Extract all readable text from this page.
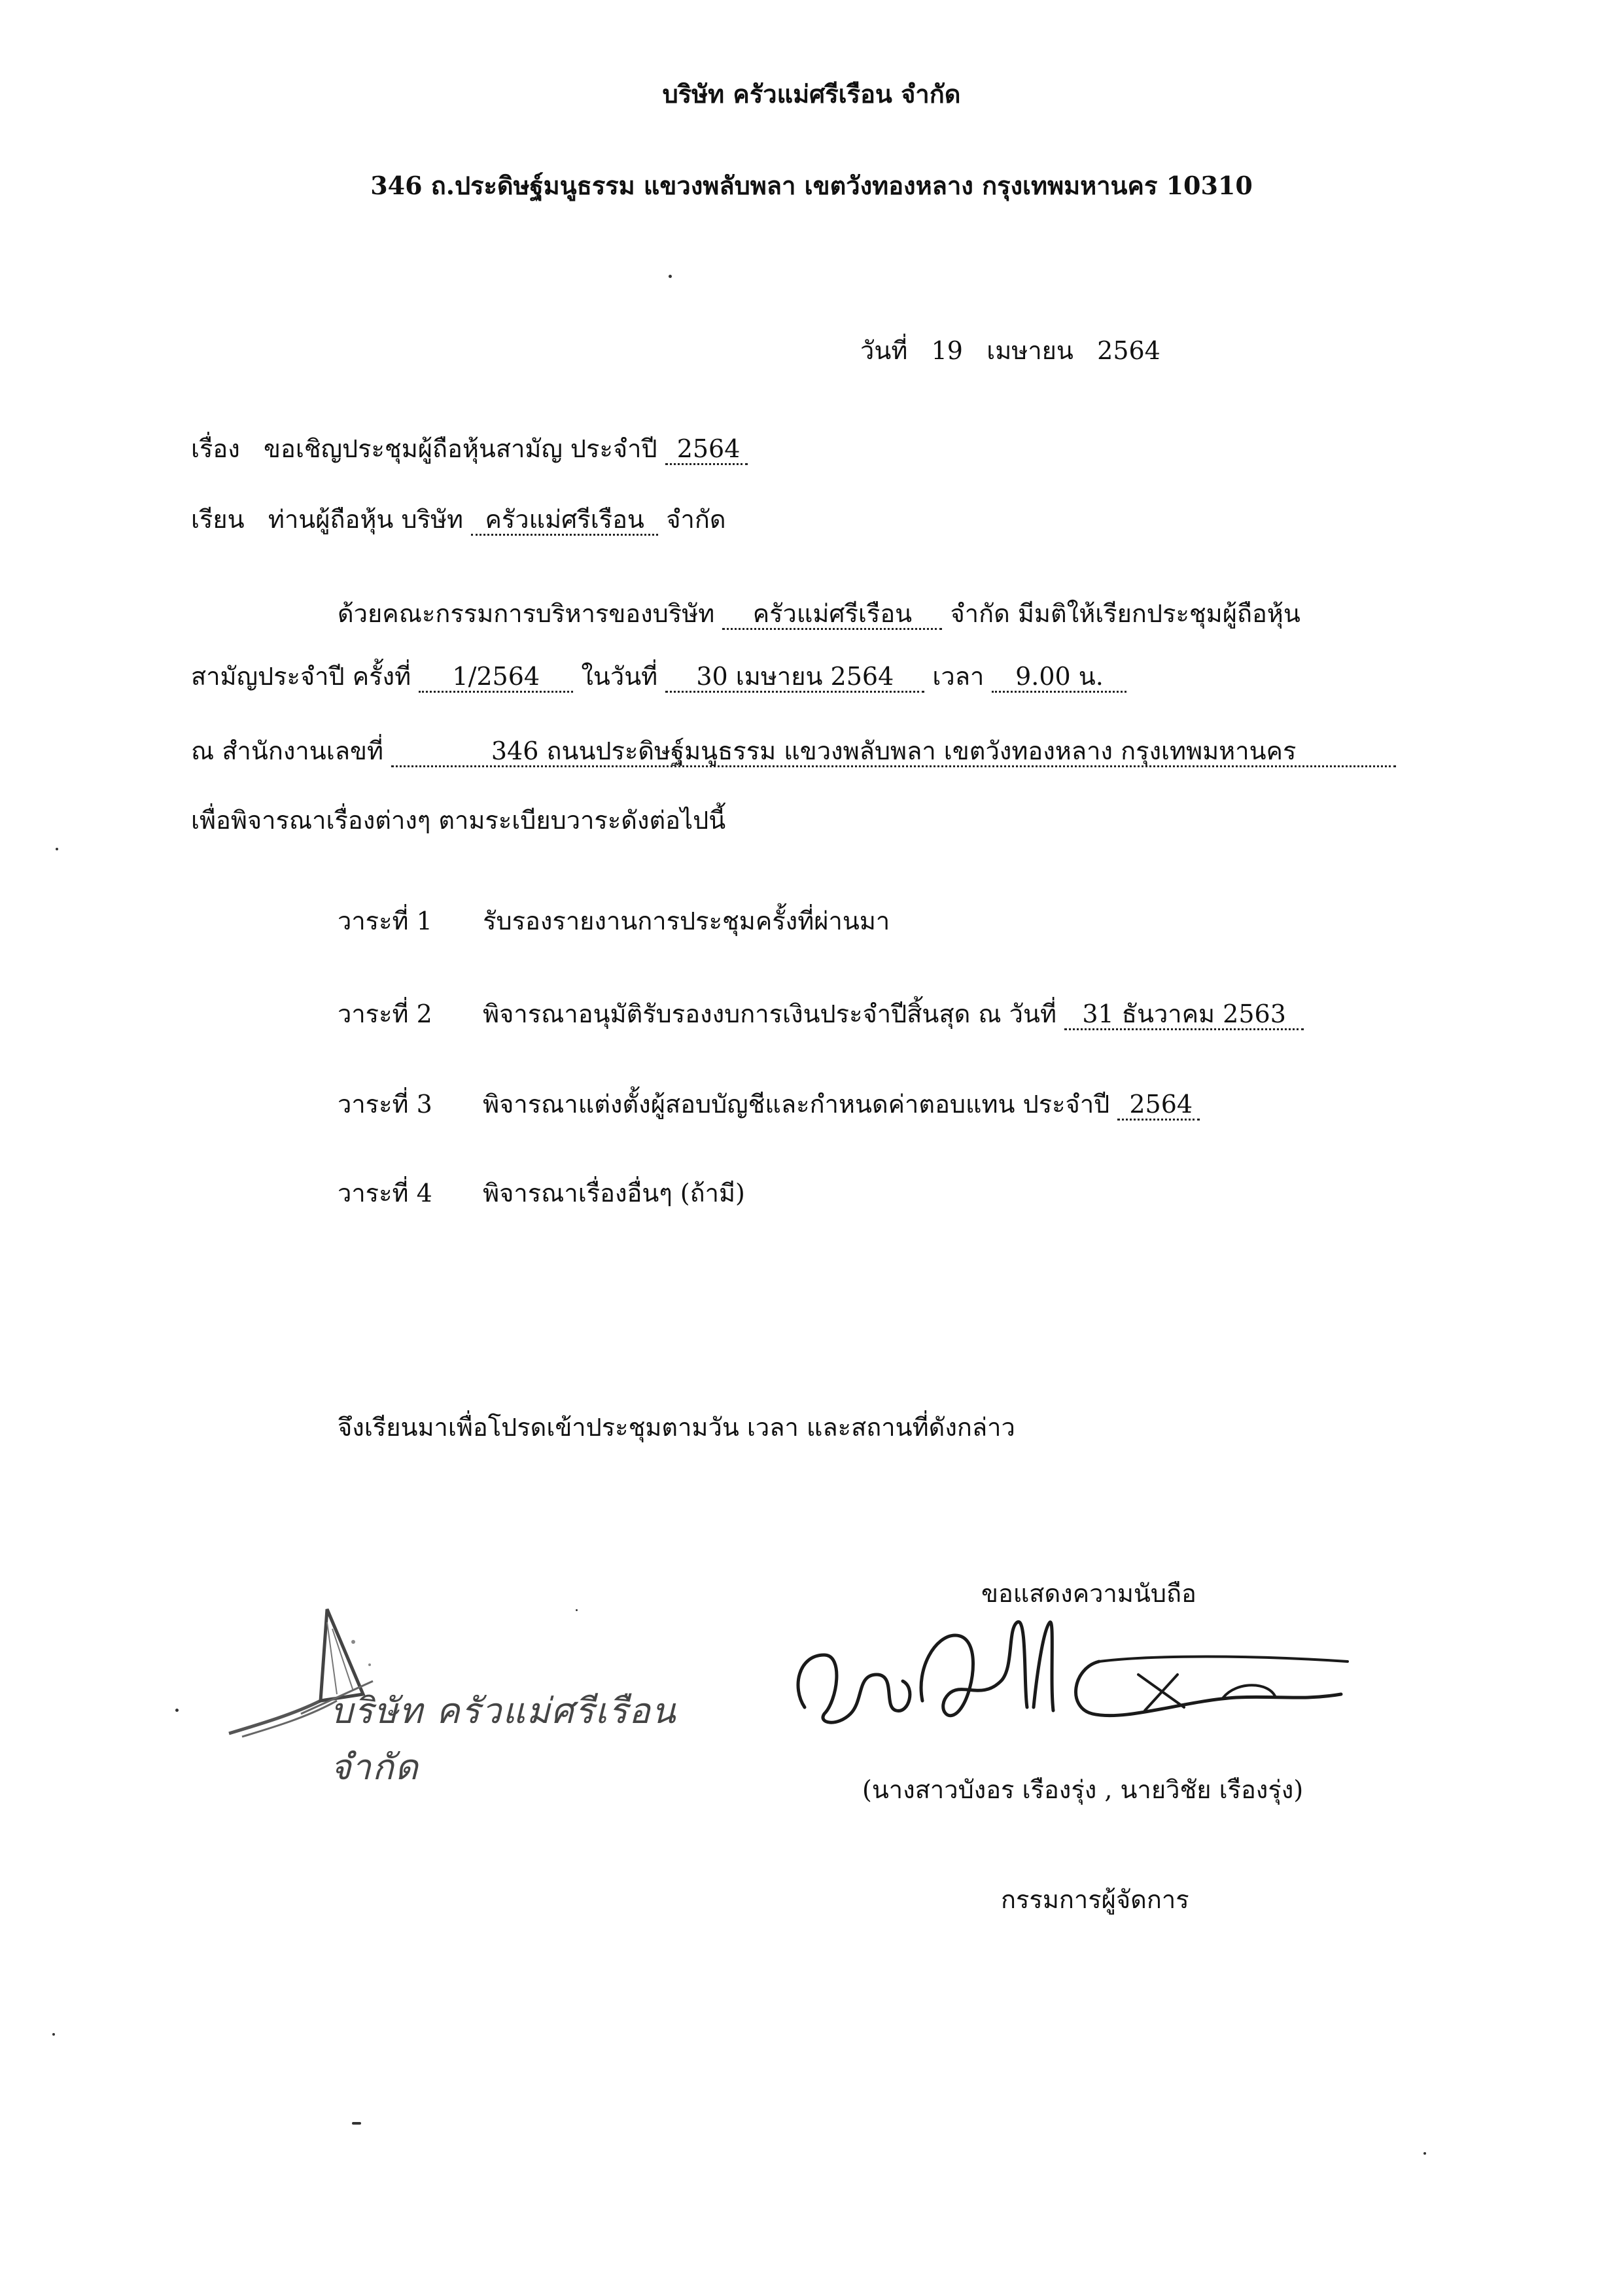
บริษัท ครัวแม่ศรีเรือน จำกัด
346 ถ.ประดิษฐ์มนูธรรม แขวงพลับพลา เขตวังทองหลาง กรุงเทพมหานคร 10310
วันที่ 19 เมษายน 2564
เรื่อง ขอเชิญประชุมผู้ถือหุ้นสามัญ ประจำปี 2564
เรียน ท่านผู้ถือหุ้น บริษัท ครัวแม่ศรีเรือน จำกัด
ด้วยคณะกรรมการบริหารของบริษัท ครัวแม่ศรีเรือน จำกัด มีมติให้เรียกประชุมผู้ถือหุ้น
สามัญประจำปี ครั้งที่ 1/2564 ในวันที่ 30 เมษายน 2564 เวลา 9.00 น.
ณ สำนักงานเลขที่	346 ถนนประดิษฐ์มนูธรรม แขวงพลับพลา เขตวังทองหลาง กรุงเทพมหานคร
เพื่อพิจารณาเรื่องต่างๆ ตามระเบียบวาระดังต่อไปนี้
วาระที่ 1 รับรองรายงานการประชุมครั้งที่ผ่านมา
วาระที่ 2 พิจารณาอนุมัติรับรองงบการเงินประจำปีสิ้นสุด ณ วันที่ 31 ธันวาคม 2563
วาระที่ 3 พิจารณาแต่งตั้งผู้สอบบัญชีและกำหนดค่าตอบแทน ประจำปี 2564
วาระที่ 4 พิจารณาเรื่องอื่นๆ (ถ้ามี)
จึงเรียนมาเพื่อโปรดเข้าประชุมตามวัน เวลา และสถานที่ดังกล่าว
ขอแสดงความนับถือ
บริษัท ครัวแม่ศรีเรือน จำกัด
(นางสาวบังอร เรืองรุ่ง , นายวิชัย เรืองรุ่ง)
กรรมการผู้จัดการ
